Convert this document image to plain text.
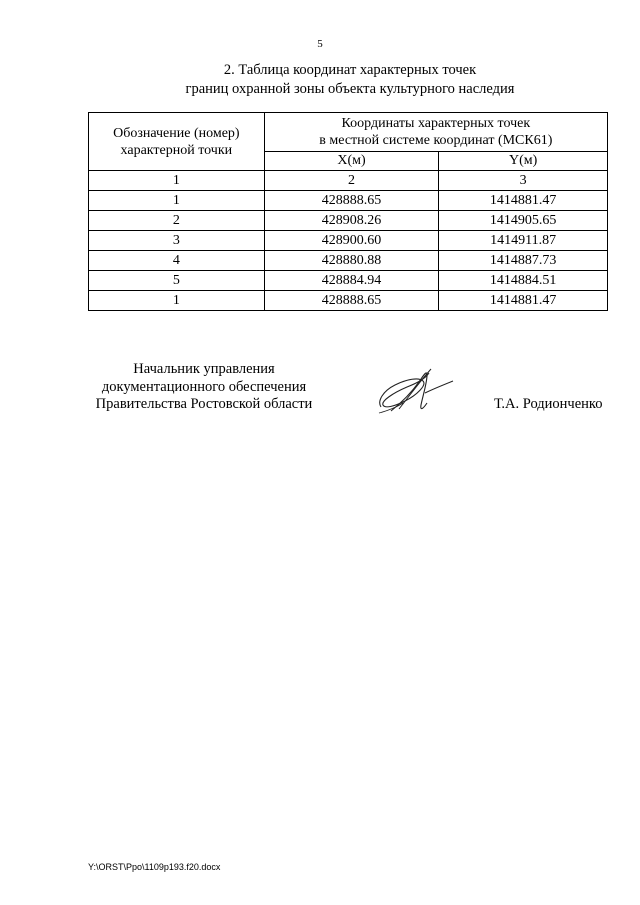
5
2. Таблица координат характерных точек
границ охранной зоны объекта культурного наследия
Обозначение (номер) характерной точки	Координаты характерных точек
в местной системе координат (МСК61)	

	X(м)	Y(м)
1	2	3
1	428888.65	1414881.47
2	428908.26	1414905.65
3	428900.60	1414911.87
4	428880.88	1414887.73
5	428884.94	1414884.51
1	428888.65	1414881.47
Начальник управления
документационного обеспечения
Правительства Ростовской области	Т.А. Родионченко
Y:\ORST\Ppo\1109p193.f20.docx
